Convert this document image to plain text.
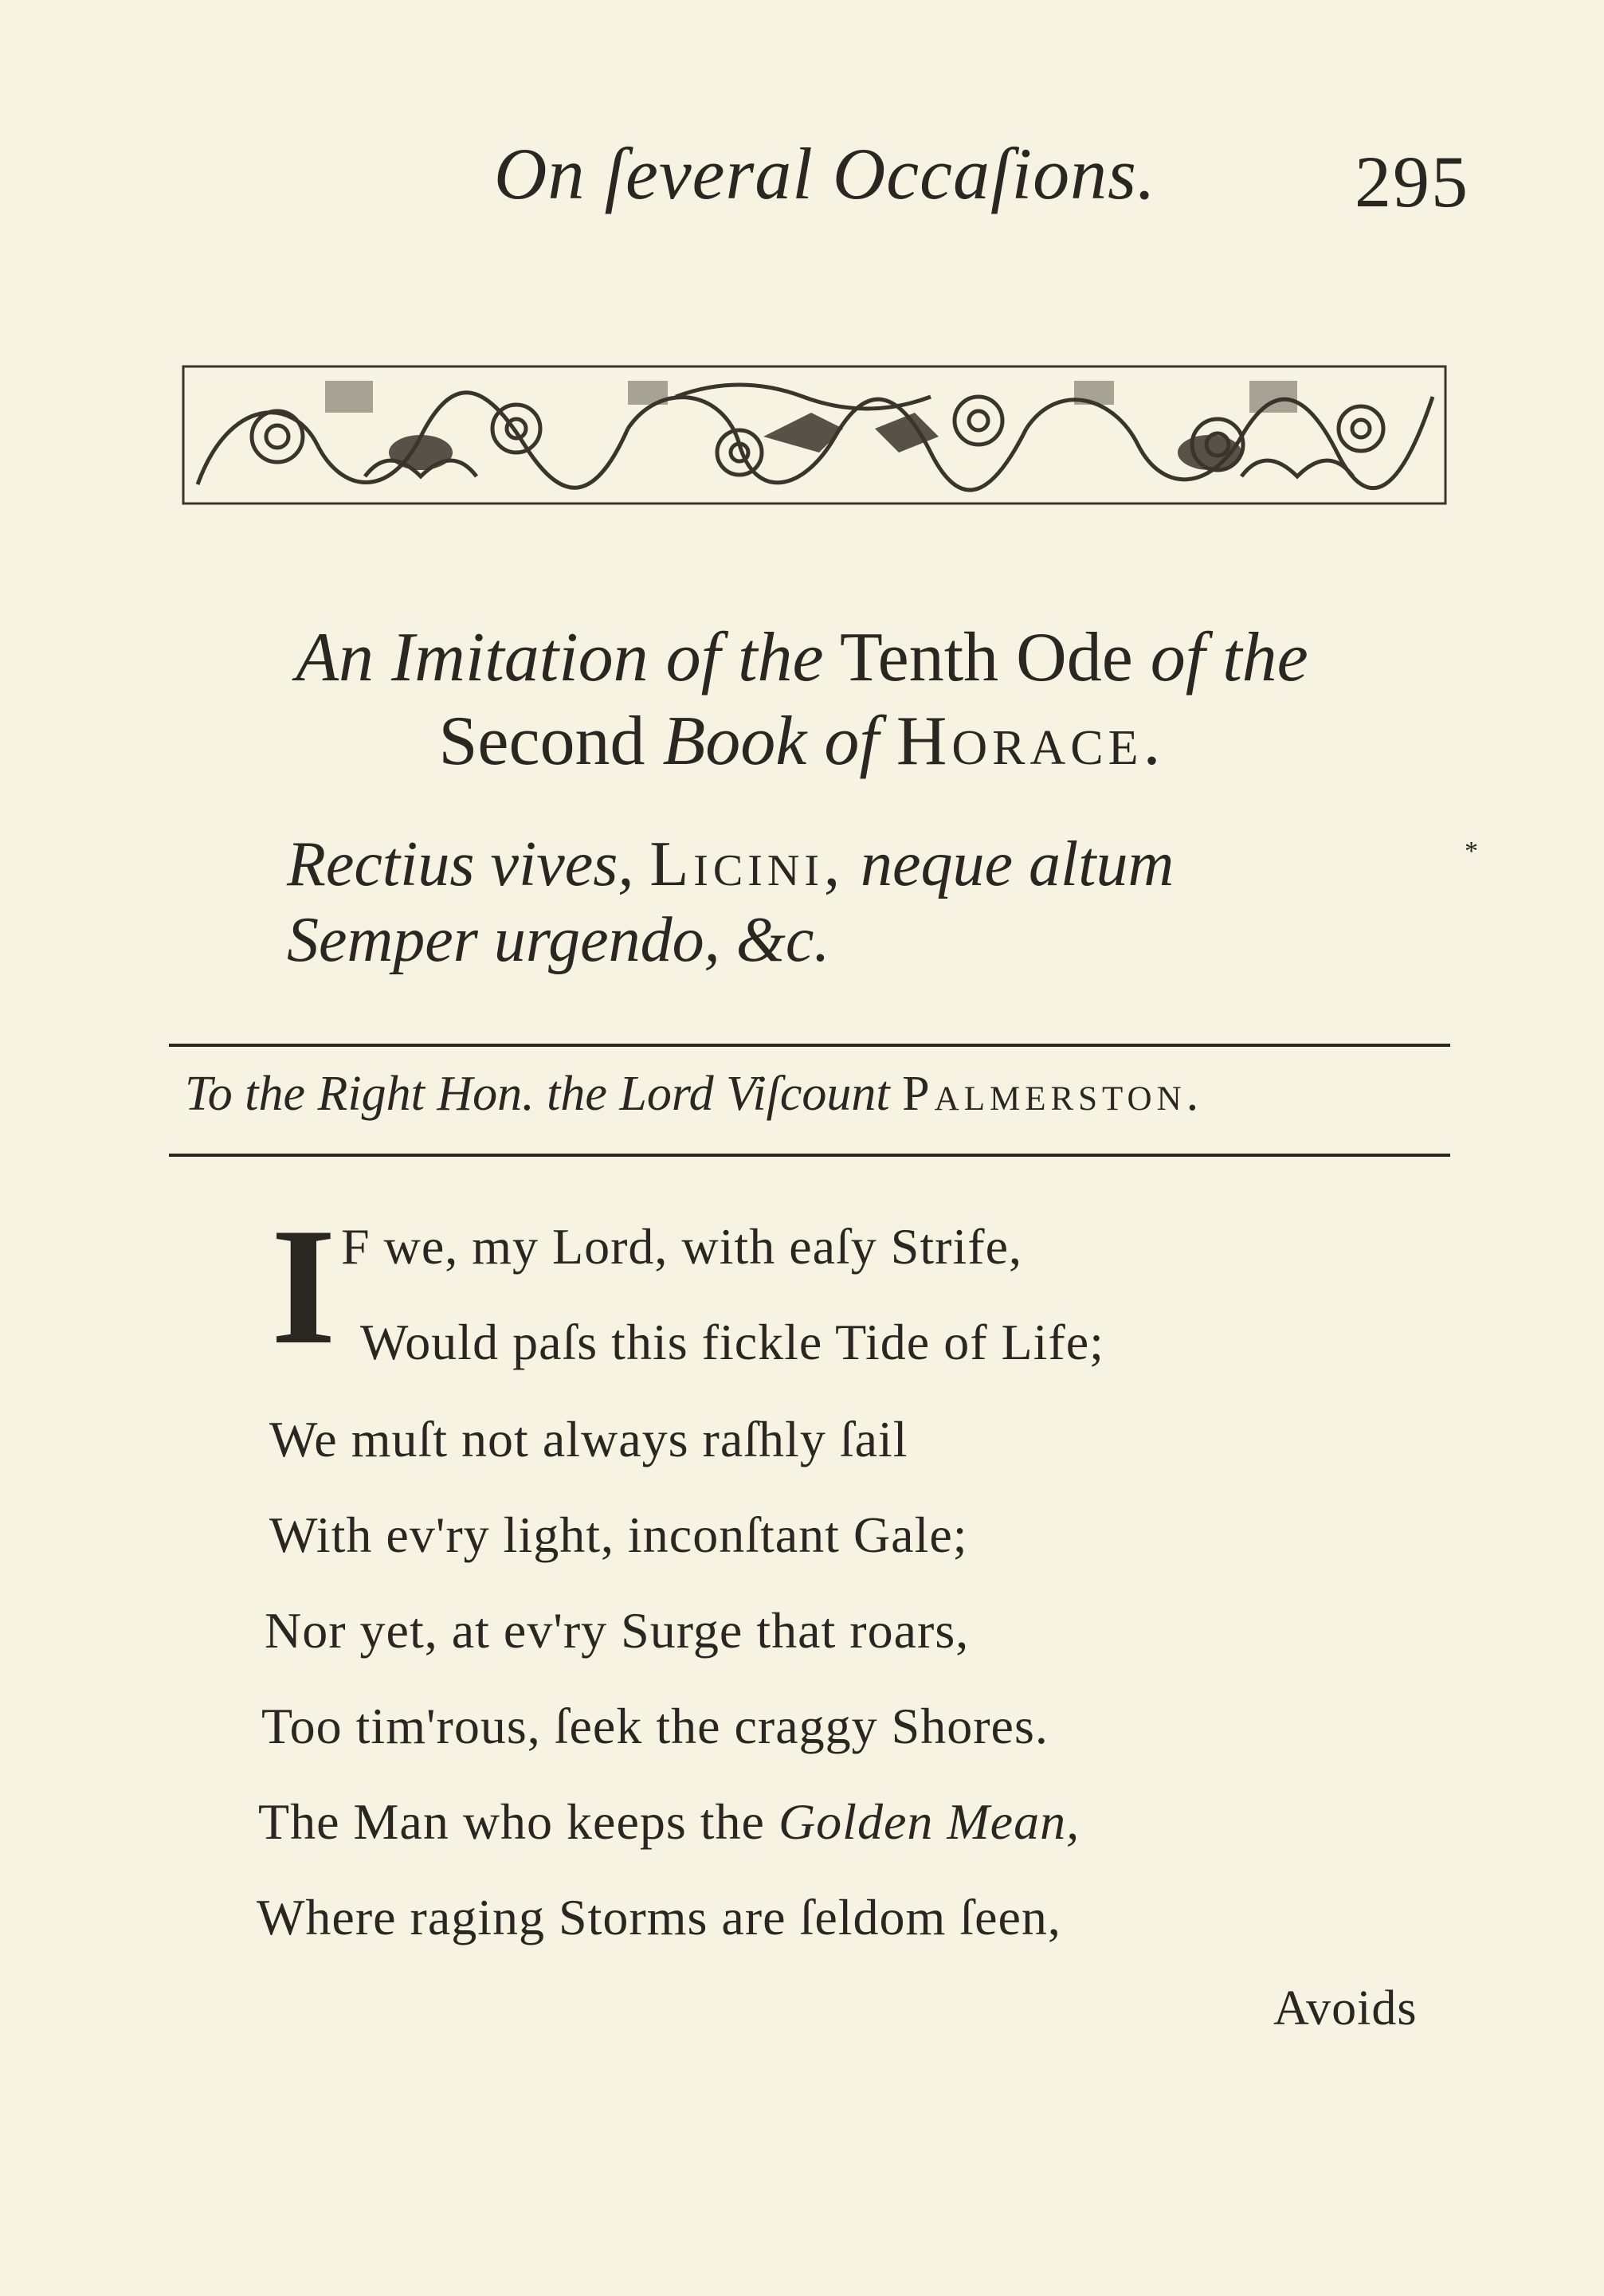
On ſeveral Occaſions.	295
An Imitation of the Tenth Ode of the
Second Book of Horace.
Rectius vives, Licini, neque altum
Semper urgendo, &c.
*
To the Right Hon. the Lord Viſcount Palmerston.
I F we, my Lord, with eaſy Strife,
Would paſs this fickle Tide of Life;
We muſt not always raſhly ſail
With ev'ry light, inconſtant Gale;
Nor yet, at ev'ry Surge that roars,
Too tim'rous, ſeek the craggy Shores.
The Man who keeps the Golden Mean,
Where raging Storms are ſeldom ſeen,
Avoids
